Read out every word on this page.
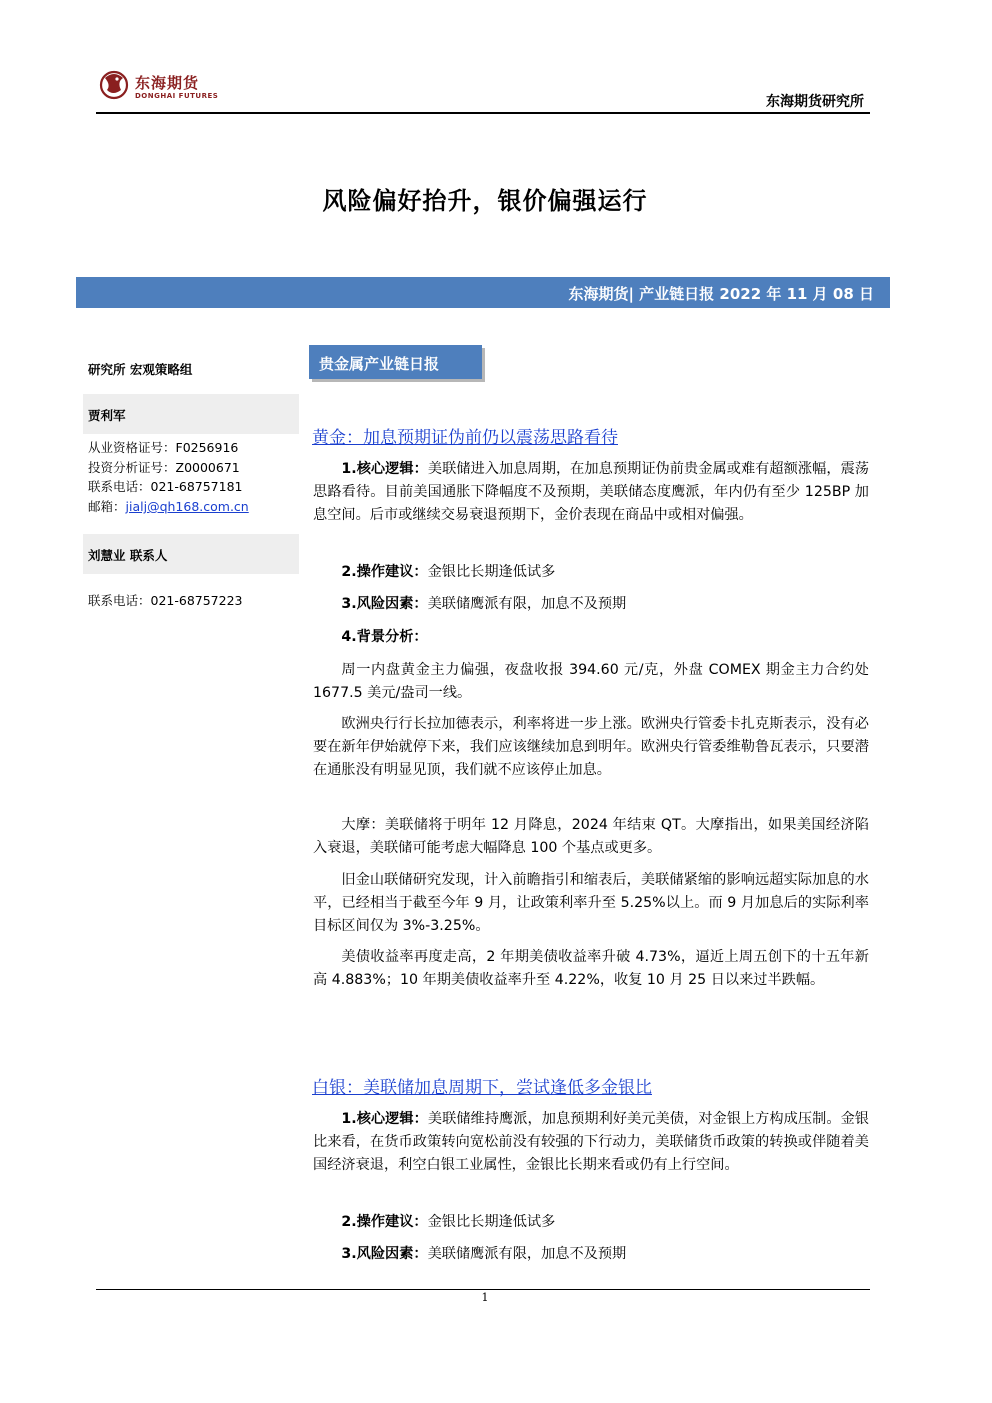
东海期货
DONGHAI FUTURES	东海期货研究所
风险偏好抬升，银价偏强运行
东海期货| 产业链日报 2022 年 11 月 08 日
研究所 宏观策略组
贾利军
从业资格证号：F0256916
投资分析证号：Z0000671
联系电话：021-68757181
邮箱：jialj@qh168.com.cn
刘慧业 联系人
联系电话：021-68757223
贵金属产业链日报
黄金：加息预期证伪前仍以震荡思路看待
1.核心逻辑：美联储进入加息周期，在加息预期证伪前贵金属或难有超额涨幅，震荡思路看待。目前美国通胀下降幅度不及预期，美联储态度鹰派，年内仍有至少 125BP 加息空间。后市或继续交易衰退预期下，金价表现在商品中或相对偏强。
2.操作建议：金银比长期逢低试多
3.风险因素：美联储鹰派有限，加息不及预期
4.背景分析：
周一内盘黄金主力偏强，夜盘收报 394.60 元/克，外盘 COMEX 期金主力合约处 1677.5 美元/盎司一线。
欧洲央行行长拉加德表示，利率将进一步上涨。欧洲央行管委卡扎克斯表示，没有必要在新年伊始就停下来，我们应该继续加息到明年。欧洲央行管委维勒鲁瓦表示，只要潜在通胀没有明显见顶，我们就不应该停止加息。
大摩：美联储将于明年 12 月降息，2024 年结束 QT。大摩指出，如果美国经济陷入衰退，美联储可能考虑大幅降息 100 个基点或更多。
旧金山联储研究发现，计入前瞻指引和缩表后，美联储紧缩的影响远超实际加息的水平，已经相当于截至今年 9 月，让政策利率升至 5.25%以上。而 9 月加息后的实际利率目标区间仅为 3%-3.25%。
美债收益率再度走高，2 年期美债收益率升破 4.73%，逼近上周五创下的十五年新高 4.883%；10 年期美债收益率升至 4.22%，收复 10 月 25 日以来过半跌幅。
白银：美联储加息周期下，尝试逢低多金银比
1.核心逻辑：美联储维持鹰派，加息预期利好美元美债，对金银上方构成压制。金银比来看，在货币政策转向宽松前没有较强的下行动力，美联储货币政策的转换或伴随着美国经济衰退，利空白银工业属性，金银比长期来看或仍有上行空间。
2.操作建议：金银比长期逢低试多
3.风险因素：美联储鹰派有限，加息不及预期
1
